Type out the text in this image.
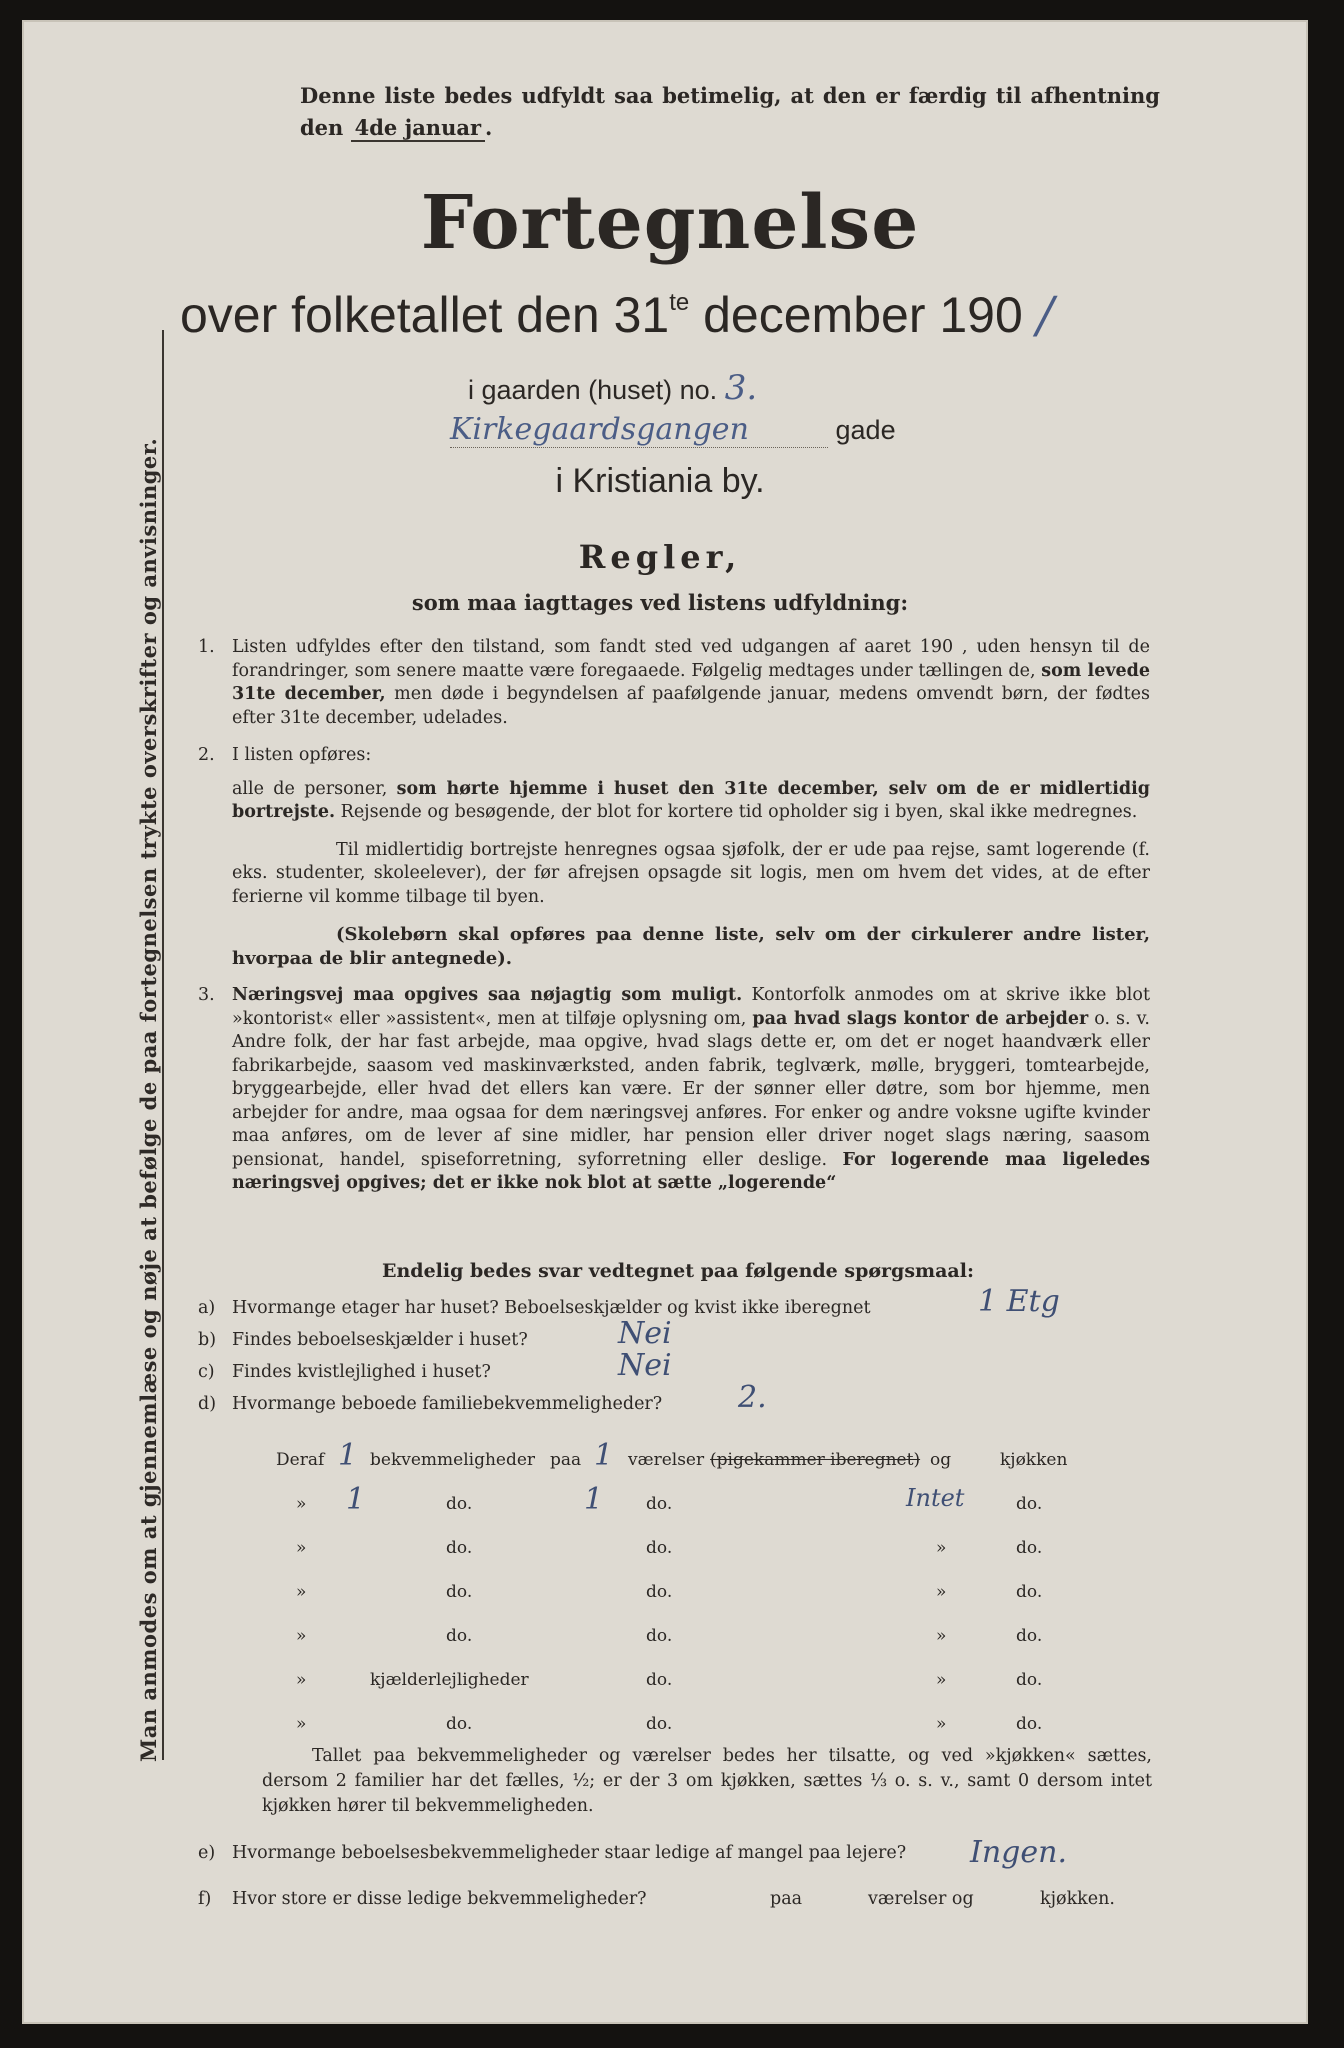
Man anmodes om at gjennemlæse og nøje at befølge de paa fortegnelsen trykte overskrifter og anvisninger.
Denne liste bedes udfyldt saa betimelig, at den er færdig til afhentning den 4de januar .
Fortegnelse
over folketallet den $31^{te}$ december 190 /
i gaarden (huset) no. 3.
Kirkegaardsgangen	gade
i Kristiania by.
Regler,
som maa iagttages ved listens udfyldning:
1. Listen udfyldes efter den tilstand, som fandt sted ved udgangen af aaret 190 , uden hensyn til de forandringer, som senere maatte være foregaaede. Følgelig medtages under tællingen de, som levede 31te december, men døde i begyndelsen af paafølgende januar, medens omvendt børn, der fødtes efter 31te december, udelades.
2. I listen opføres:
alle de personer, som hørte hjemme i huset den 31te december, selv om de er midlertidig bortrejste. Rejsende og besøgende, der blot for kortere tid opholder sig i byen, skal ikke medregnes.
Til midlertidig bortrejste henregnes ogsaa sjøfolk, der er ude paa rejse, samt logerende (f. eks. studenter, skoleelever), der før afrejsen opsagde sit logis, men om hvem det vides, at de efter ferierne vil komme tilbage til byen.
(Skolebørn skal opføres paa denne liste, selv om der cirkulerer andre lister, hvorpaa de blir antegnede).
3. Næringsvej maa opgives saa nøjagtig som muligt. Kontorfolk anmodes om at skrive ikke blot »kontorist« eller »assistent«, men at tilføje oplysning om, paa hvad slags kontor de arbejder o. s. v. Andre folk, der har fast arbejde, maa opgive, hvad slags dette er, om det er noget haandværk eller fabrikarbejde, saasom ved maskinværksted, anden fabrik, teglværk, mølle, bryggeri, tomtearbejde, bryggearbejde, eller hvad det ellers kan være. Er der sønner eller døtre, som bor hjemme, men arbejder for andre, maa ogsaa for dem næringsvej anføres. For enker og andre voksne ugifte kvinder maa anføres, om de lever af sine midler, har pension eller driver noget slags næring, saasom pensionat, handel, spiseforretning, syforretning eller deslige. For logerende maa ligeledes næringsvej opgives; det er ikke nok blot at sætte „logerende“
Endelig bedes svar vedtegnet paa følgende spørgsmaal:
a) Hvormange etager har huset? Beboelseskjælder og kvist ikke iberegnet	1 Etg
b) Findes beboelseskjælder i huset?	Nei
c) Findes kvistlejlighed i huset?	Nei
d) Hvormange beboede familiebekvemmeligheder?	2.
Deraf 1 bekvemmeligheder paa 1 værelser (pigekammer iberegnet) og	kjøkken
» 1	do.	1	do.	Intet	do.
»	do.	do.	»	do.
»	do.	do.	»	do.
»	do.	do.	»	do.
»	kjælderlejligheder	do.	»	do.
»	do.	do.	»	do.
Tallet paa bekvemmeligheder og værelser bedes her tilsatte, og ved »kjøkken« sættes, dersom 2 familier har det fælles, ½; er der 3 om kjøkken, sættes ⅓ o. s. v., samt 0 dersom intet kjøkken hører til bekvemmeligheden.
e) Hvormange beboelsesbekvemmeligheder staar ledige af mangel paa lejere? Ingen.
f)	Hvor store er disse ledige bekvemmeligheder?	paa	værelser og	kjøkken.
